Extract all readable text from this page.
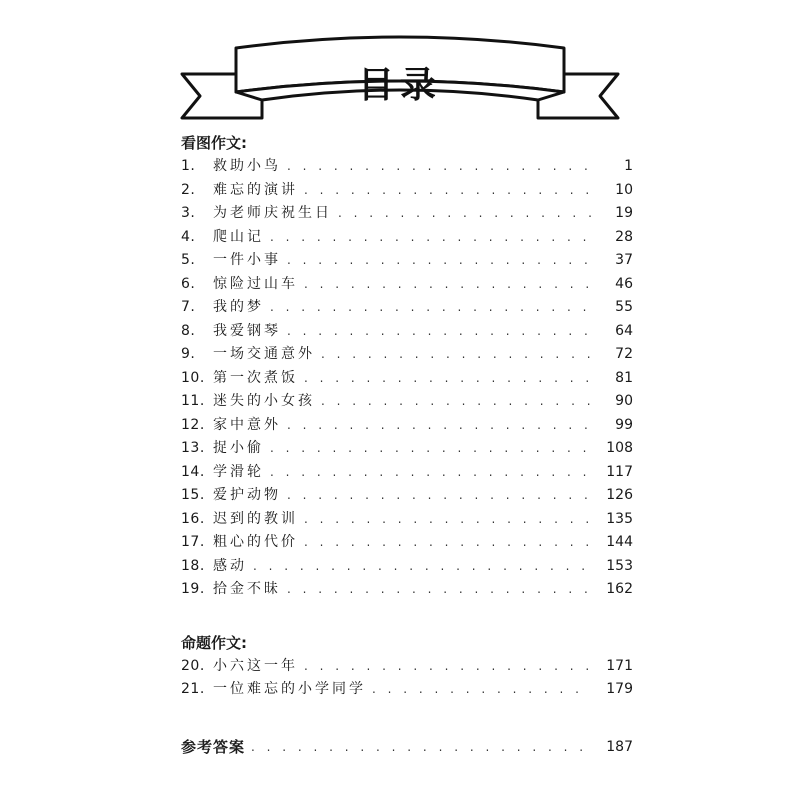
目录
看图作文:
1.	救助小鸟 . . .	1
2.	难忘的演讲 . . .	10
3.	为老师庆祝生日 . . .	19
4.	爬山记 . . .	28
5.	一件小事 . . .	37
6.	惊险过山车 . . .	46
7.	我的梦 . . .	55
8.	我爱钢琴 . . .	64
9.	一场交通意外 . . .	72
10. 第一次煮饭 . . .	81
11. 迷失的小女孩 . . .	90
12. 家中意外 . . .	99
13. 捉小偷 . . .	108
14. 学滑轮 . . .	117
15. 爱护动物 . . .	126
16. 迟到的教训 . . .	135
17. 粗心的代价 . . .	144
18. 感动 . . .	153
19. 拾金不昧 . . .	162
命题作文:
20. 小六这一年 . . .	171
21. 一位难忘的小学同学 . . .	179
参考答案 . . .	187
